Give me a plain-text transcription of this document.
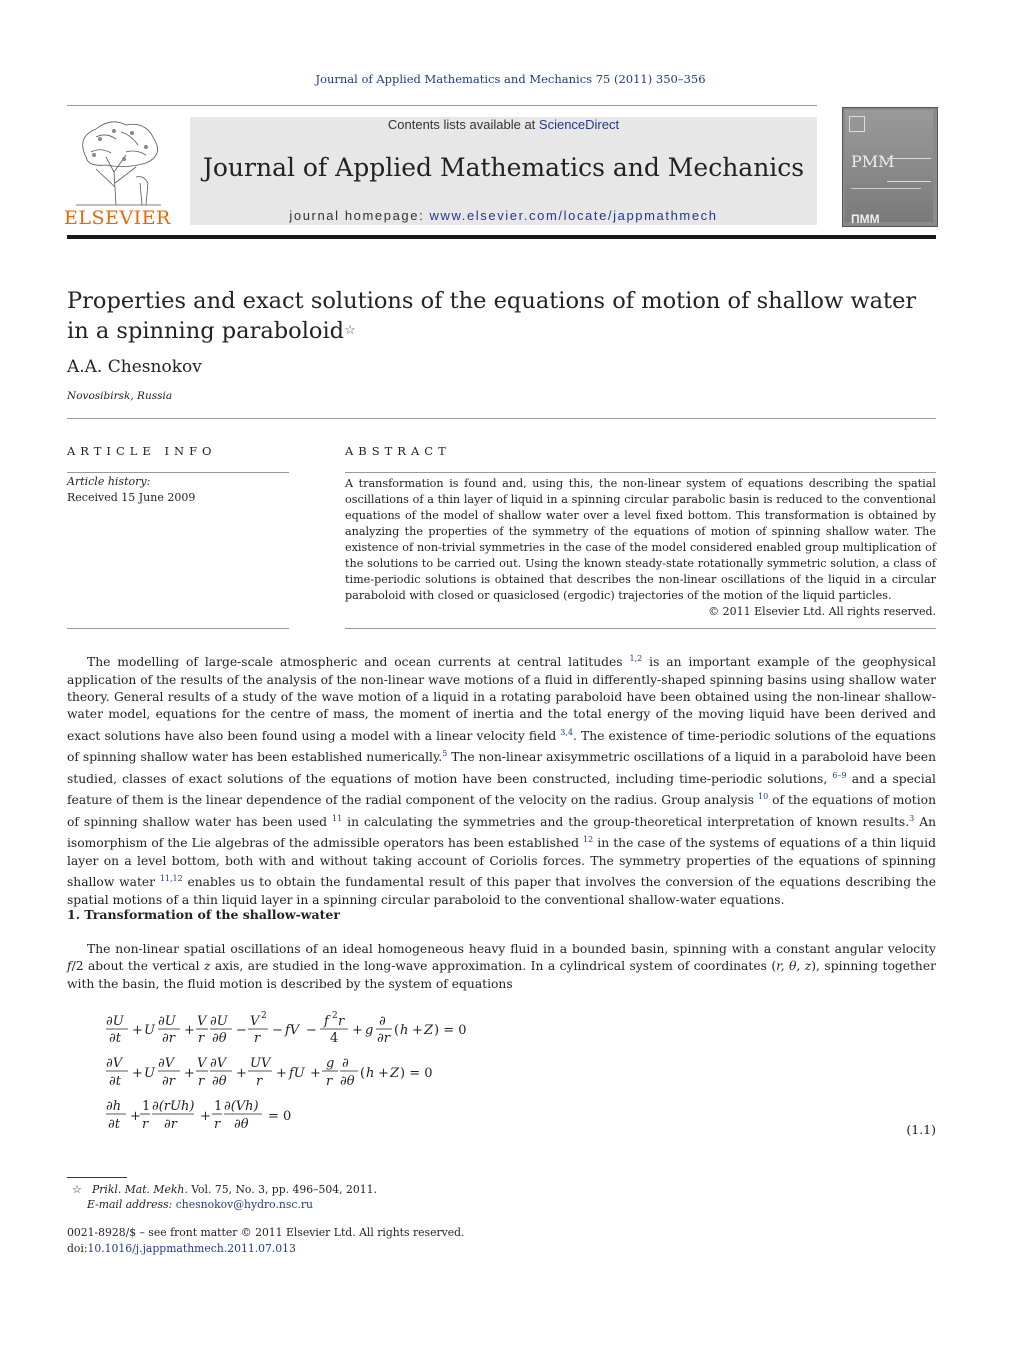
Journal of Applied Mathematics and Mechanics 75 (2011) 350–356
ELSEVIER
Contents lists available at ScienceDirect
Journal of Applied Mathematics and Mechanics
journal homepage: www.elsevier.com/locate/jappmathmech
PMM
ПММ
Properties and exact solutions of the equations of motion of shallow water in a spinning paraboloid☆
A.A. Chesnokov
Novosibirsk, Russia
ARTICLE INFO
Article history:
Received 15 June 2009
ABSTRACT
A transformation is found and, using this, the non-linear system of equations describing the spatial oscillations of a thin layer of liquid in a spinning circular parabolic basin is reduced to the conventional equations of the model of shallow water over a level fixed bottom. This transformation is obtained by analyzing the properties of the symmetry of the equations of motion of spinning shallow water. The existence of non-trivial symmetries in the case of the model considered enabled group multiplication of the solutions to be carried out. Using the known steady-state rotationally symmetric solution, a class of time-periodic solutions is obtained that describes the non-linear oscillations of the liquid in a circular paraboloid with closed or quasiclosed (ergodic) trajectories of the motion of the liquid particles.
© 2011 Elsevier Ltd. All rights reserved.
The modelling of large-scale atmospheric and ocean currents at central latitudes $^{1,2}$ is an important example of the geophysical application of the results of the analysis of the non-linear wave motions of a fluid in differently-shaped spinning basins using shallow water theory. General results of a study of the wave motion of a liquid in a rotating paraboloid have been obtained using the non-linear shallow-water model, equations for the centre of mass, the moment of inertia and the total energy of the moving liquid have been derived and exact solutions have also been found using a model with a linear velocity field $^{3,4}$. The existence of time-periodic solutions of the equations of spinning shallow water has been established numerically.$^5$ The non-linear axisymmetric oscillations of a liquid in a paraboloid have been studied, classes of exact solutions of the equations of motion have been constructed, including time-periodic solutions, $^{6-9}$ and a special feature of them is the linear dependence of the radial component of the velocity on the radius. Group analysis $^{10}$ of the equations of motion of spinning shallow water has been used $^{11}$ in calculating the symmetries and the group-theoretical interpretation of known results.$^3$ An isomorphism of the Lie algebras of the admissible operators has been established $^{12}$ in the case of the systems of equations of a thin liquid layer on a level bottom, both with and without taking account of Coriolis forces. The symmetry properties of the equations of spinning shallow water $^{11,12}$ enables us to obtain the fundamental result of this paper that involves the conversion of the equations describing the spatial motions of a thin liquid layer in a spinning circular paraboloid to the conventional shallow-water equations.
1. Transformation of the shallow-water
The non-linear spatial oscillations of an ideal homogeneous heavy fluid in a bounded basin, spinning with a constant angular velocity f/2 about the vertical z axis, are studied in the long-wave approximation. In a cylindrical system of coordinates (r, θ, z), spinning together with the basin, the fluid motion is described by the system of equations
∂U
∂t
+ U
∂U
∂r
+
V
r
∂U
∂θ
−
V 2
r
− fV −
f 2 r
4
+ g
∂
∂r
( h + Z ) = 0
∂V
∂t
+ U
∂V
∂r
+
V
r
∂V
∂θ
+
UV
r
+ fU +
g
r
∂
∂θ
( h + Z ) = 0
∂h
∂t
+
1
r
∂(rUh)
∂r
+
1
r
∂(Vh)
∂θ
= 0
(1.1)
☆ Prikl. Mat. Mekh. Vol. 75, No. 3, pp. 496–504, 2011.
E-mail address: chesnokov@hydro.nsc.ru
0021-8928/$ – see front matter © 2011 Elsevier Ltd. All rights reserved.
doi:10.1016/j.jappmathmech.2011.07.013
